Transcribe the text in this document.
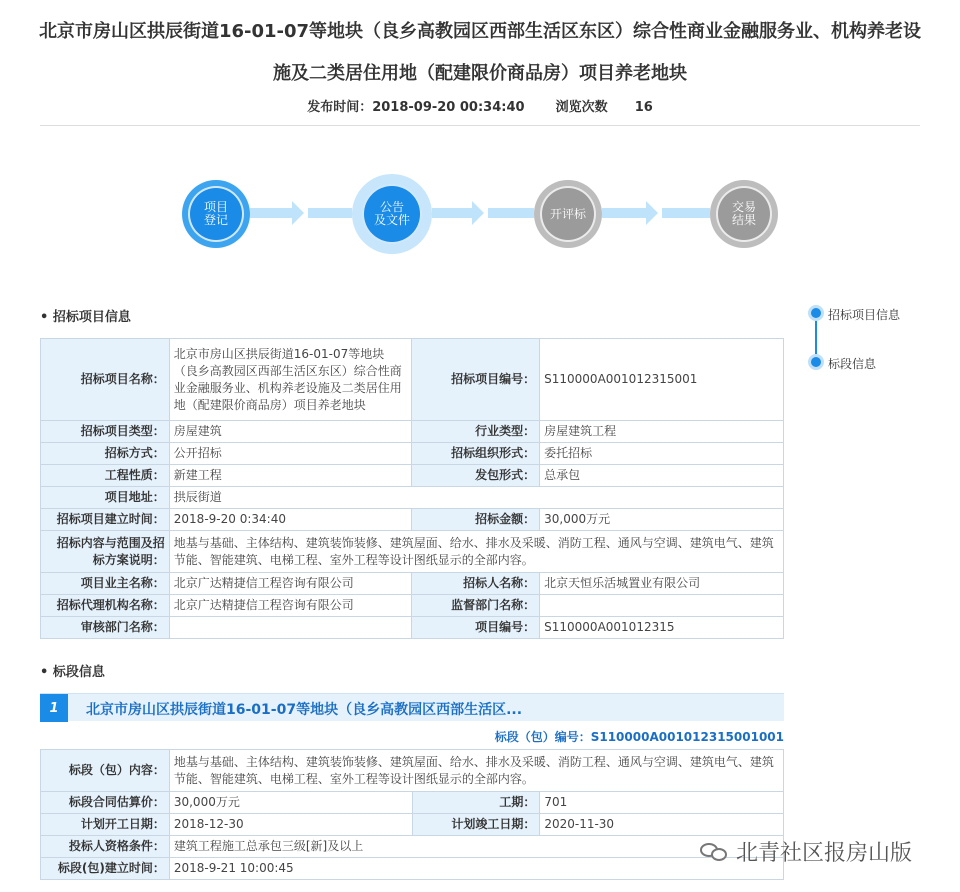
北京市房山区拱辰街道16-01-07等地块（良乡高教园区西部生活区东区）综合性商业金融服务业、机构养老设
施及二类居住用地（配建限价商品房）项目养老地块
发布时间：2018-09-20 00:34:40 浏览次数 16
项目
登记
公告
及文件	开评标	交易
结果
招标项目信息
标段信息
• 招标项目信息
招标项目名称：	北京市房山区拱辰街道16-01-07等地块（良乡高教园区西部生活区东区）综合性商业金融服务业、机构养老设施及二类居住用地（配建限价商品房）项目养老地块	招标项目编号：	S110000A001012315001
招标项目类型：	房屋建筑	行业类型：	房屋建筑工程
招标方式：	公开招标	招标组织形式：	委托招标
工程性质：	新建工程	发包形式：	总承包
项目地址：	拱辰街道		
招标项目建立时间：	2018-9-20 0:34:40	招标金额：	30,000万元
招标内容与范围及招标方案说明：	地基与基础、主体结构、建筑装饰装修、建筑屋面、给水、排水及采暖、消防工程、通风与空调、建筑电气、建筑节能、智能建筑、电梯工程、室外工程等设计图纸显示的全部内容。		
项目业主名称：	北京广达精捷信工程咨询有限公司	招标人名称：	北京天恒乐活城置业有限公司
招标代理机构名称：	北京广达精捷信工程咨询有限公司	监督部门名称：	
审核部门名称：		项目编号：	S110000A001012315
• 标段信息
1	北京市房山区拱辰街道16-01-07等地块（良乡高教园区西部生活区...
标段（包）编号：S110000A001012315001001
标段（包）内容：	地基与基础、主体结构、建筑装饰装修、建筑屋面、给水、排水及采暖、消防工程、通风与空调、建筑电气、建筑节能、智能建筑、电梯工程、室外工程等设计图纸显示的全部内容。		
标段合同估算价：	30,000万元	工期：	701
计划开工日期：	2018-12-30	计划竣工日期：	2020-11-30
投标人资格条件：	建筑工程施工总承包三级[新]及以上		
标段(包)建立时间：	2018-9-21 10:00:45		
北青社区报房山版
